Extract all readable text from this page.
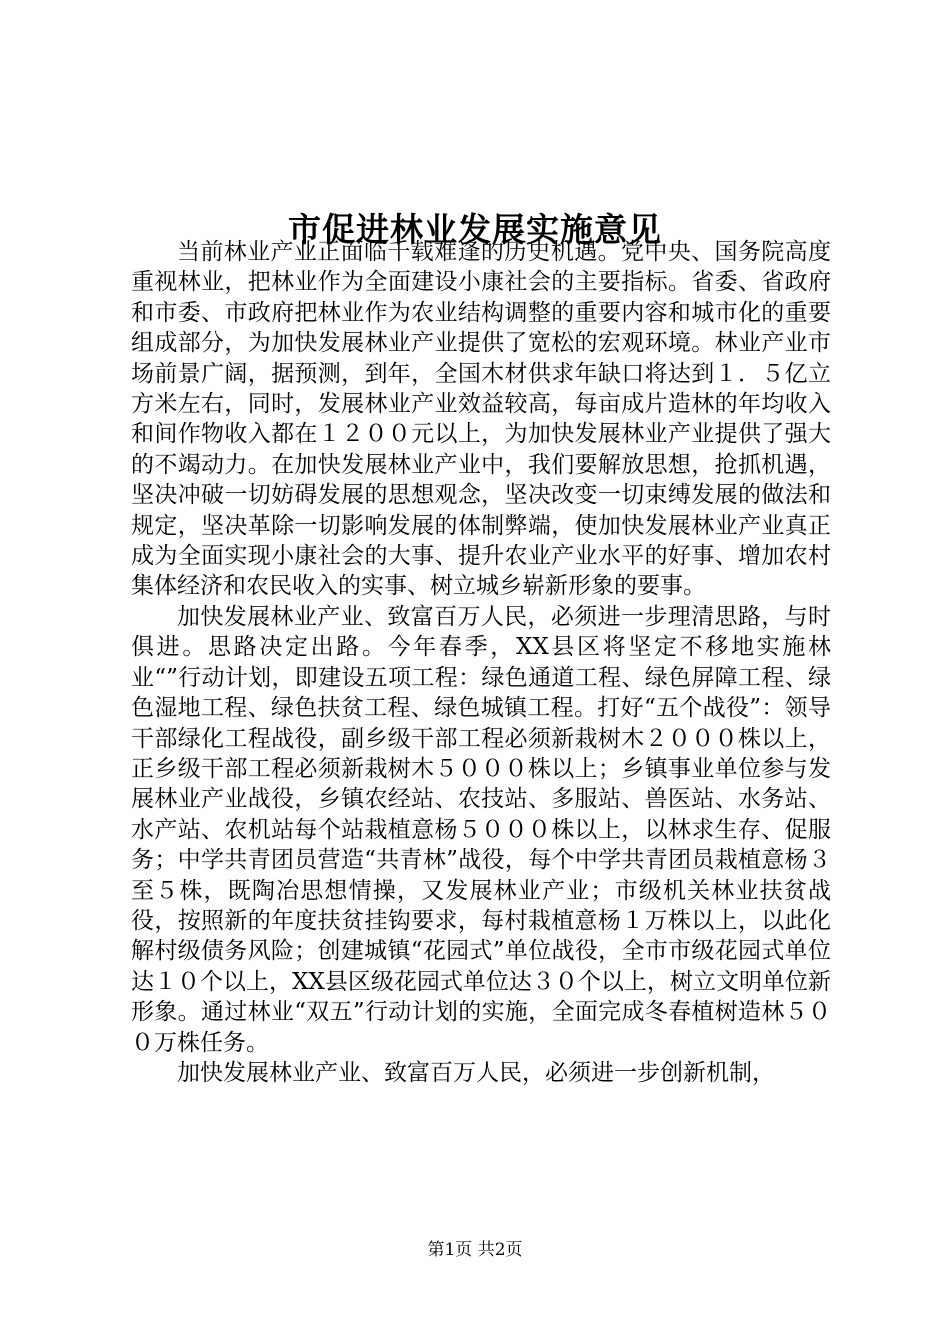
市促进林业发展实施意见

当前林业产业正面临千载难逢的历史机遇。党中央、国务院高度重视林业，把林业作为全面建设小康社会的主要指标。省委、省政府和市委、市政府把林业作为农业结构调整的重要内容和城市化的重要组成部分，为加快发展林业产业提供了宽松的宏观环境。林业产业市场前景广阔，据预测，到年，全国木材供求年缺口将达到１．５亿立方米左右，同时，发展林业产业效益较高，每亩成片造林的年均收入和间作物收入都在１２００元以上，为加快发展林业产业提供了强大的不竭动力。在加快发展林业产业中，我们要解放思想，抢抓机遇，坚决冲破一切妨碍发展的思想观念，坚决改变一切束缚发展的做法和规定，坚决革除一切影响发展的体制弊端，使加快发展林业产业真正成为全面实现小康社会的大事、提升农业产业水平的好事、增加农村集体经济和农民收入的实事、树立城乡崭新形象的要事。

加快发展林业产业、致富百万人民，必须进一步理清思路，与时俱进。思路决定出路。今年春季，XX县区将坚定不移地实施林业“”行动计划，即建设五项工程：绿色通道工程、绿色屏障工程、绿色湿地工程、绿色扶贫工程、绿色城镇工程。打好“五个战役”：领导干部绿化工程战役，副乡级干部工程必须新栽树木２０００株以上，正乡级干部工程必须新栽树木５０００株以上；乡镇事业单位参与发展林业产业战役，乡镇农经站、农技站、多服站、兽医站、水务站、水产站、农机站每个站栽植意杨５０００株以上，以林求生存、促服务；中学共青团员营造“共青林”战役，每个中学共青团员栽植意杨３至５株，既陶冶思想情操，又发展林业产业；市级机关林业扶贫战役，按照新的年度扶贫挂钩要求，每村栽植意杨１万株以上，以此化解村级债务风险；创建城镇“花园式”单位战役，全市市级花园式单位达１０个以上，XX县区级花园式单位达３０个以上，树立文明单位新形象。通过林业“双五”行动计划的实施，全面完成冬春植树造林５００万株任务。

加快发展林业产业、致富百万人民，必须进一步创新机制，

第1页 共2页
